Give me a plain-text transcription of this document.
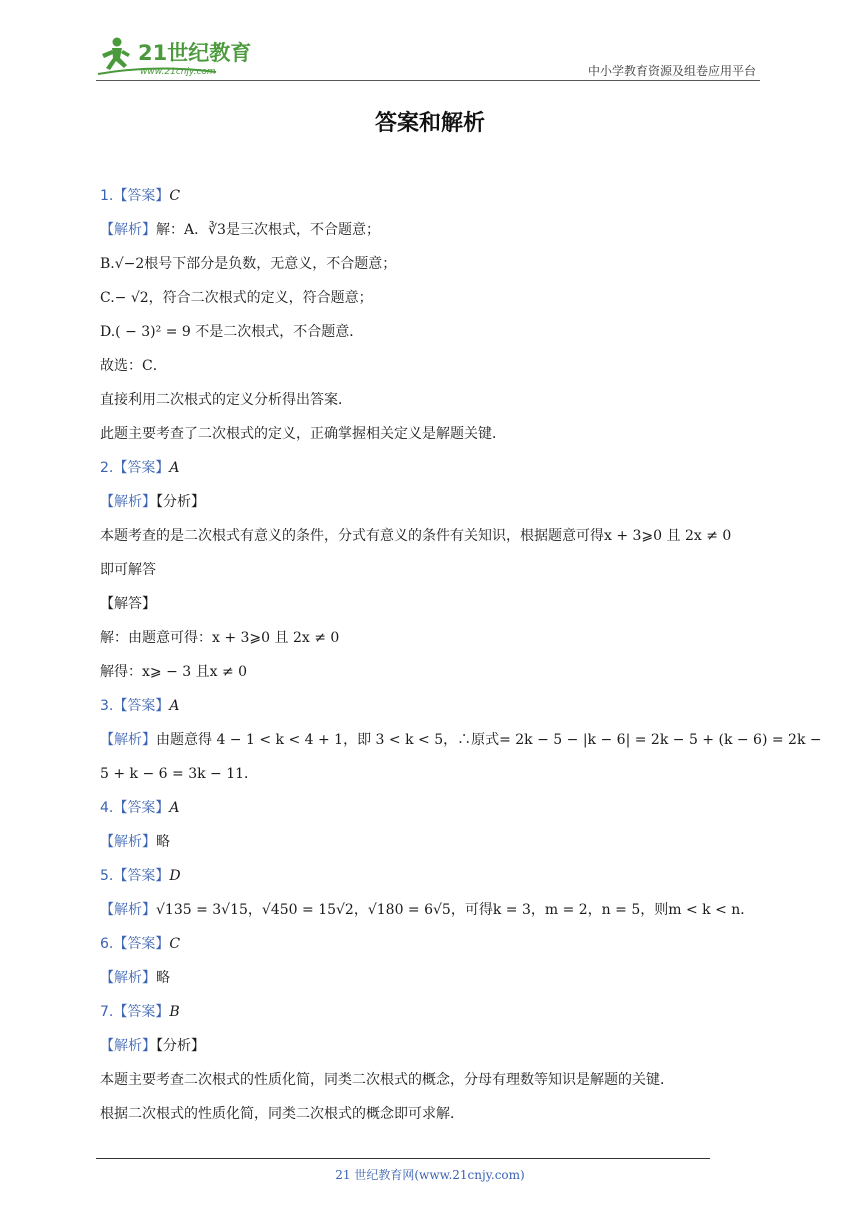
21世纪教育
www.21cnjy.com	中小学教育资源及组卷应用平台
答案和解析
1.【答案】C
【解析】解：A．∛3是三次根式，不合题意；
B.√−2根号下部分是负数，无意义，不合题意；
C.− √2，符合二次根式的定义，符合题意；
D.( − 3)² = 9 不是二次根式，不合题意．
故选：C．
直接利用二次根式的定义分析得出答案．
此题主要考查了二次根式的定义，正确掌握相关定义是解题关键．
2.【答案】A
【解析】【分析】
本题考查的是二次根式有意义的条件，分式有意义的条件有关知识，根据题意可得x + 3⩾0 且 2x ≠ 0
即可解答
【解答】
解：由题意可得：x + 3⩾0 且 2x ≠ 0
解得：x⩾ − 3 且x ≠ 0
3.【答案】A
【解析】由题意得 4 − 1 < k < 4 + 1，即 3 < k < 5，∴原式= 2k − 5 − |k − 6| = 2k − 5 + (k − 6) = 2k −
5 + k − 6 = 3k − 11．
4.【答案】A
【解析】略
5.【答案】D
【解析】√135 = 3√15，√450 = 15√2，√180 = 6√5，可得k = 3，m = 2，n = 5，则m < k < n．
6.【答案】C
【解析】略
7.【答案】B
【解析】【分析】
本题主要考查二次根式的性质化简，同类二次根式的概念，分母有理数等知识是解题的关键．
根据二次根式的性质化简，同类二次根式的概念即可求解．
21 世纪教育网(www.21cnjy.com)
